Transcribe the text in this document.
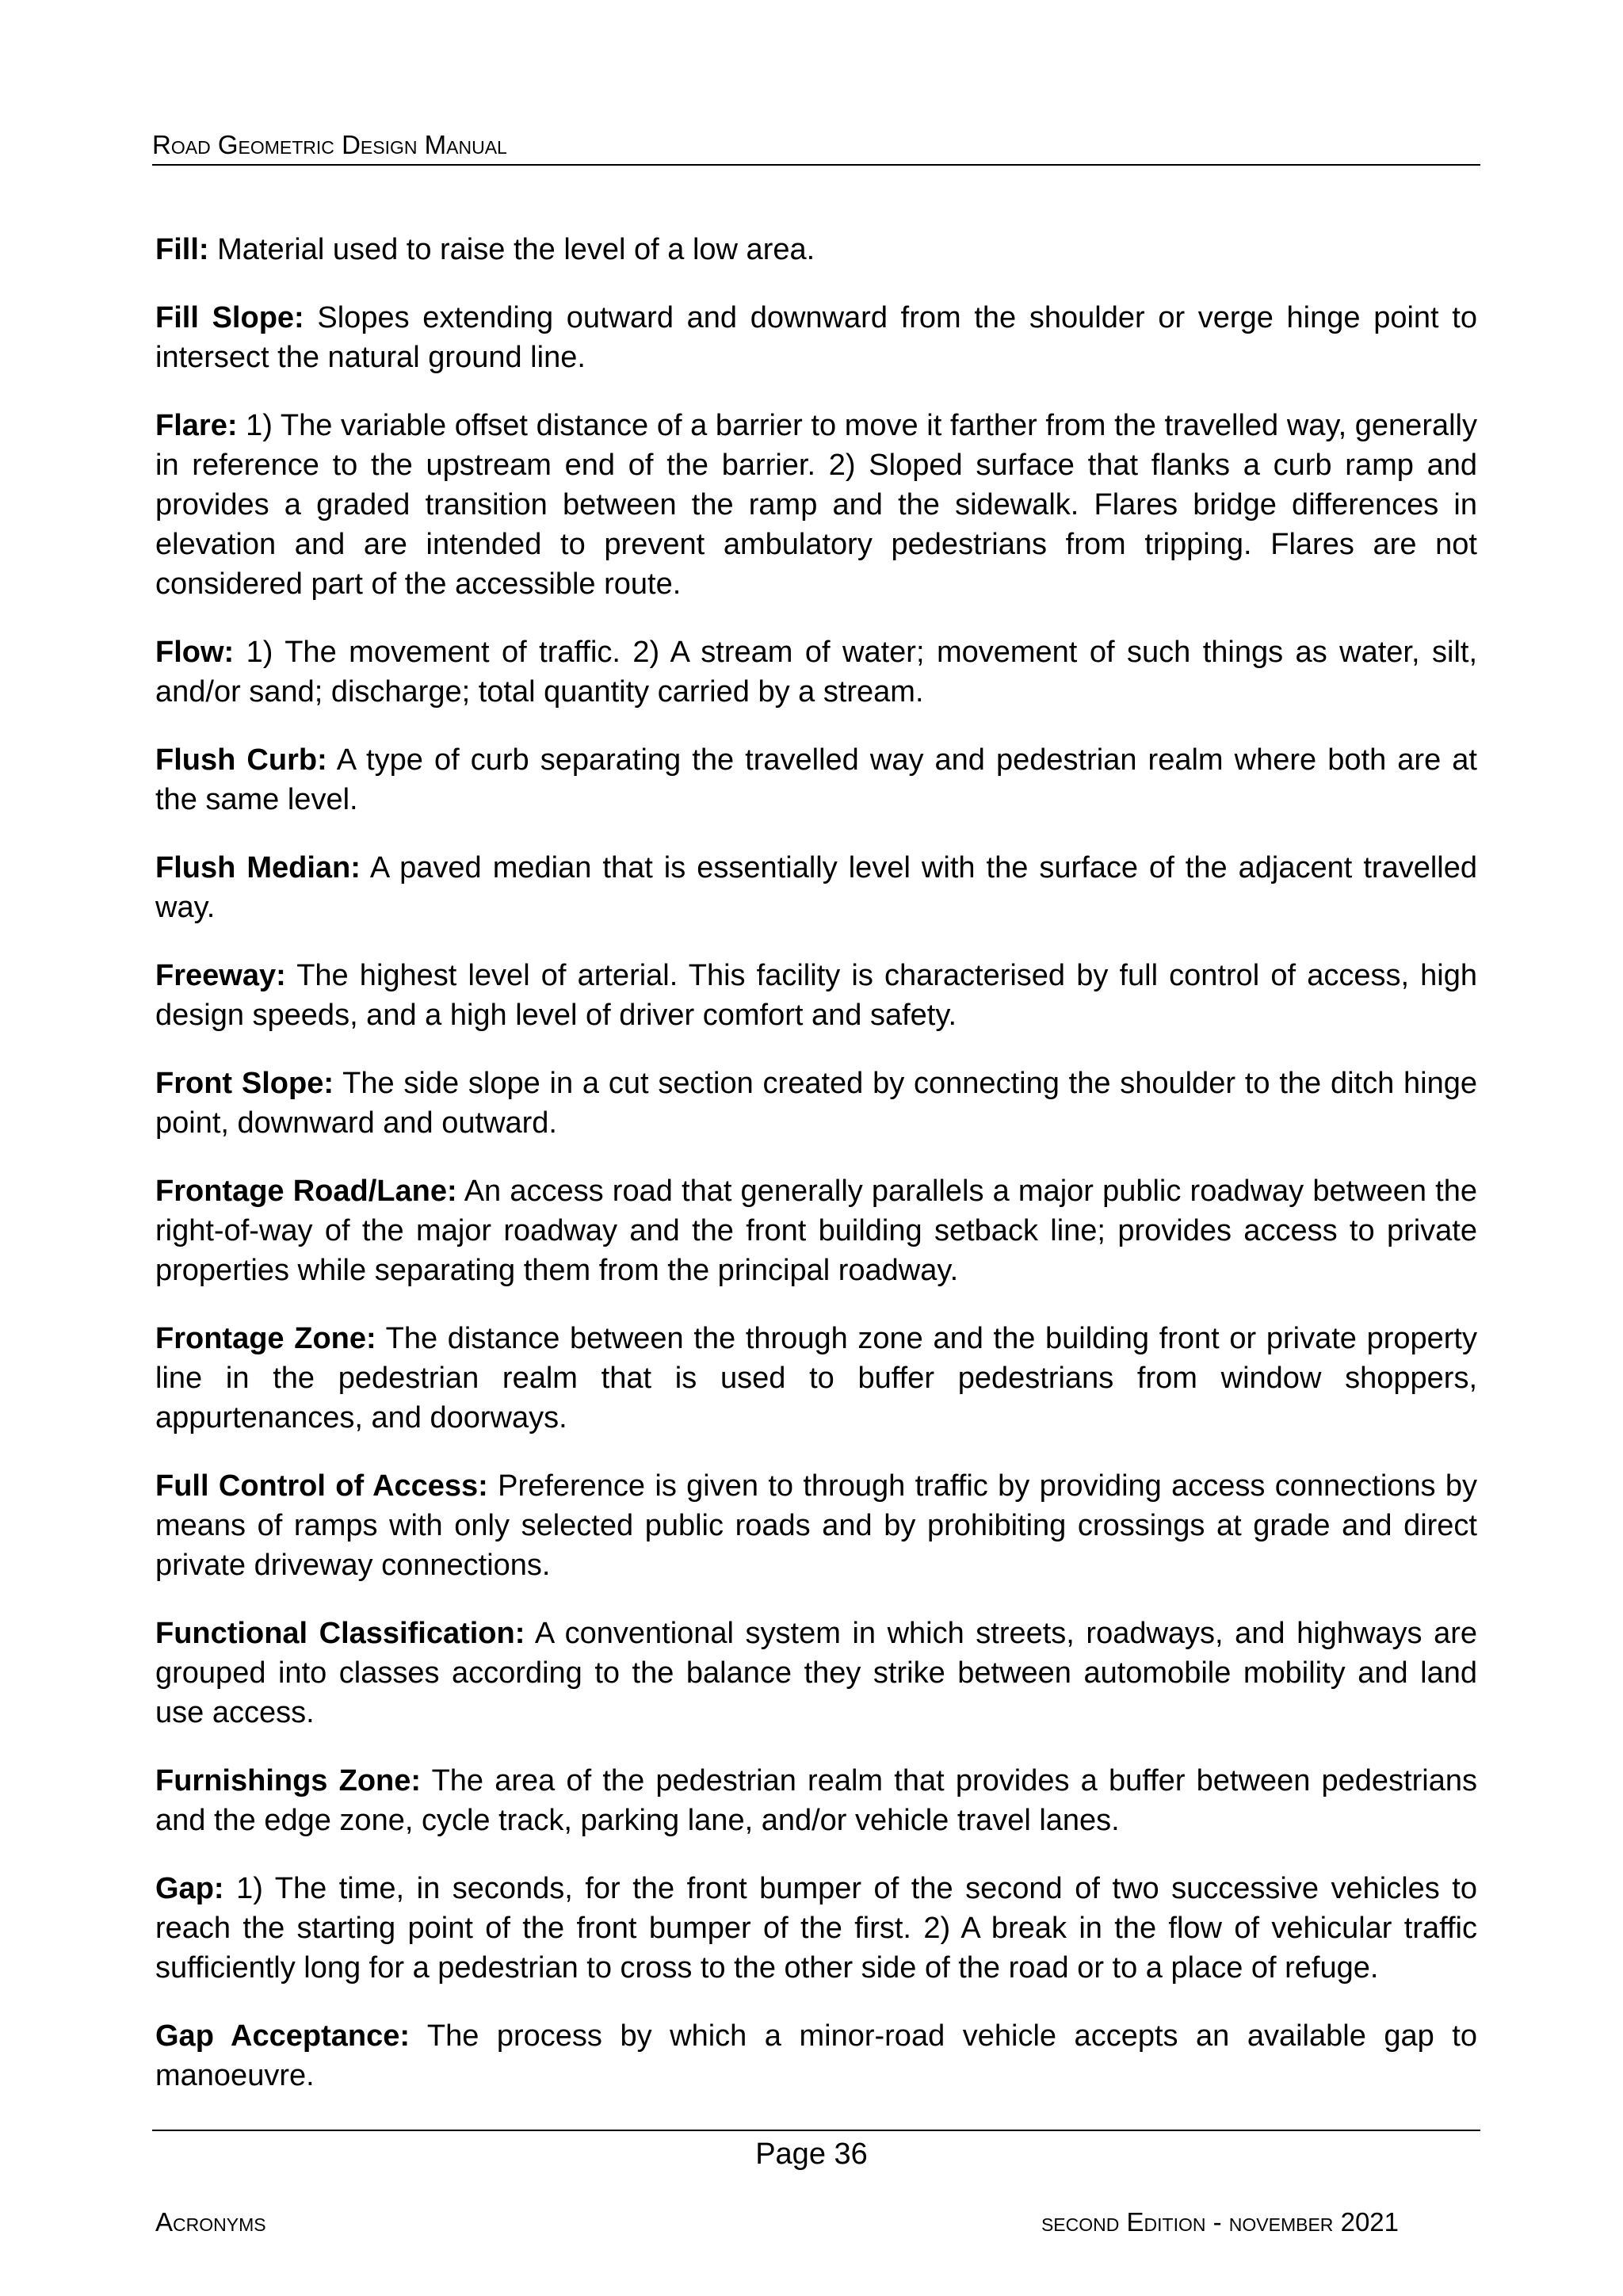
Road Geometric Design Manual

Fill: Material used to raise the level of a low area.

Fill Slope: Slopes extending outward and downward from the shoulder or verge hinge point to intersect the natural ground line.

Flare: 1) The variable offset distance of a barrier to move it farther from the travelled way, generally in reference to the upstream end of the barrier. 2) Sloped surface that flanks a curb ramp and provides a graded transition between the ramp and the sidewalk. Flares bridge differences in elevation and are intended to prevent ambulatory pedestrians from tripping. Flares are not considered part of the accessible route.

Flow: 1) The movement of traffic. 2) A stream of water; movement of such things as water, silt, and/or sand; discharge; total quantity carried by a stream.

Flush Curb: A type of curb separating the travelled way and pedestrian realm where both are at the same level.

Flush Median: A paved median that is essentially level with the surface of the adjacent travelled way.

Freeway: The highest level of arterial. This facility is characterised by full control of access, high design speeds, and a high level of driver comfort and safety.

Front Slope: The side slope in a cut section created by connecting the shoulder to the ditch hinge point, downward and outward.

Frontage Road/Lane: An access road that generally parallels a major public roadway between the right-of-way of the major roadway and the front building setback line; provides access to private properties while separating them from the principal roadway.

Frontage Zone: The distance between the through zone and the building front or private property line in the pedestrian realm that is used to buffer pedestrians from window shoppers, appurtenances, and doorways.

Full Control of Access: Preference is given to through traffic by providing access connections by means of ramps with only selected public roads and by prohibiting crossings at grade and direct private driveway connections.

Functional Classification: A conventional system in which streets, roadways, and highways are grouped into classes according to the balance they strike between automobile mobility and land use access.

Furnishings Zone: The area of the pedestrian realm that provides a buffer between pedestrians and the edge zone, cycle track, parking lane, and/or vehicle travel lanes.

Gap: 1) The time, in seconds, for the front bumper of the second of two successive vehicles to reach the starting point of the front bumper of the first. 2) A break in the flow of vehicular traffic sufficiently long for a pedestrian to cross to the other side of the road or to a place of refuge.

Gap Acceptance: The process by which a minor-road vehicle accepts an available gap to manoeuvre.

Page 36
Acronyms	second Edition - november 2021
